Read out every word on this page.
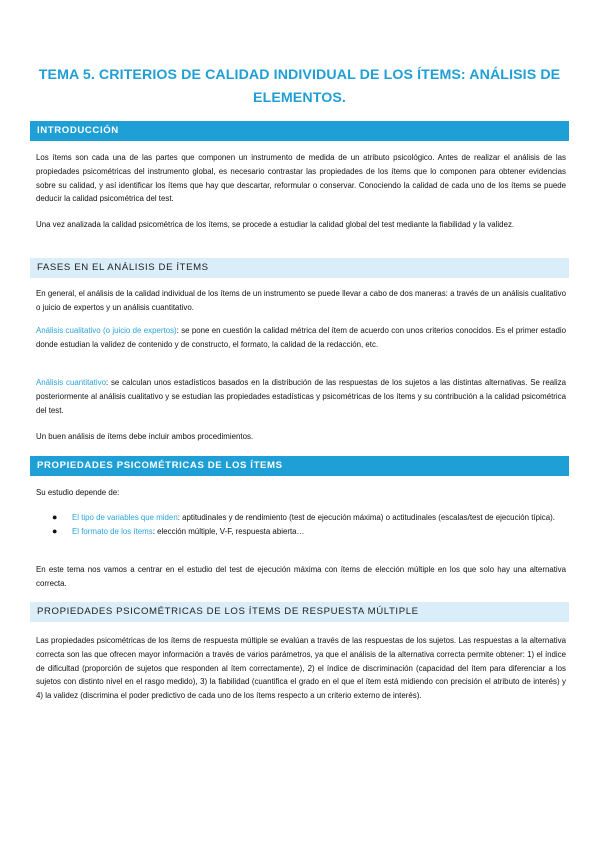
TEMA 5. CRITERIOS DE CALIDAD INDIVIDUAL DE LOS ÍTEMS: ANÁLISIS DE ELEMENTOS.
INTRODUCCIÓN

Los ítems son cada una de las partes que componen un instrumento de medida de un atributo psicológico. Antes de realizar el análisis de las propiedades psicométricas del instrumento global, es necesario contrastar las propiedades de los ítems que lo componen para obtener evidencias sobre su calidad, y así identificar los ítems que hay que descartar, reformular o conservar. Conociendo la calidad de cada uno de los ítems se puede deducir la calidad psicométrica del test.

Una vez analizada la calidad psicométrica de los ítems, se procede a estudiar la calidad global del test mediante la fiabilidad y la validez.

FASES EN EL ANÁLISIS DE ÍTEMS

En general, el análisis de la calidad individual de los ítems de un instrumento se puede llevar a cabo de dos maneras: a través de un análisis cualitativo o juicio de expertos y un análisis cuantitativo.

Análisis cualitativo (o juicio de expertos): se pone en cuestión la calidad métrica del ítem de acuerdo con unos criterios conocidos. Es el primer estadio donde estudian la validez de contenido y de constructo, el formato, la calidad de la redacción, etc.

Análisis cuantitativo: se calculan unos estadísticos basados en la distribución de las respuestas de los sujetos a las distintas alternativas. Se realiza posteriormente al análisis cualitativo y se estudian las propiedades estadísticas y psicométricas de los ítems y su contribución a la calidad psicométrica del test.

Un buen análisis de ítems debe incluir ambos procedimientos.

PROPIEDADES PSICOMÉTRICAS DE LOS ÍTEMS

Su estudio depende de:

● El tipo de variables que miden: aptitudinales y de rendimiento (test de ejecución máxima) o actitudinales (escalas/test de ejecución típica).
● El formato de los ítems: elección múltiple, V-F, respuesta abierta…

En este tema nos vamos a centrar en el estudio del test de ejecución máxima con ítems de elección múltiple en los que solo hay una alternativa correcta.

PROPIEDADES PSICOMÉTRICAS DE LOS ÍTEMS DE RESPUESTA MÚLTIPLE

Las propiedades psicométricas de los ítems de respuesta múltiple se evalúan a través de las respuestas de los sujetos. Las respuestas a la alternativa correcta son las que ofrecen mayor información a través de varios parámetros, ya que el análisis de la alternativa correcta permite obtener: 1) el índice de dificultad (proporción de sujetos que responden al ítem correctamente), 2) el índice de discriminación (capacidad del ítem para diferenciar a los sujetos con distinto nivel en el rasgo medido), 3) la fiabilidad (cuantifica el grado en el que el ítem está midiendo con precisión el atributo de interés) y 4) la validez (discrimina el poder predictivo de cada uno de los ítems respecto a un criterio externo de interés).
